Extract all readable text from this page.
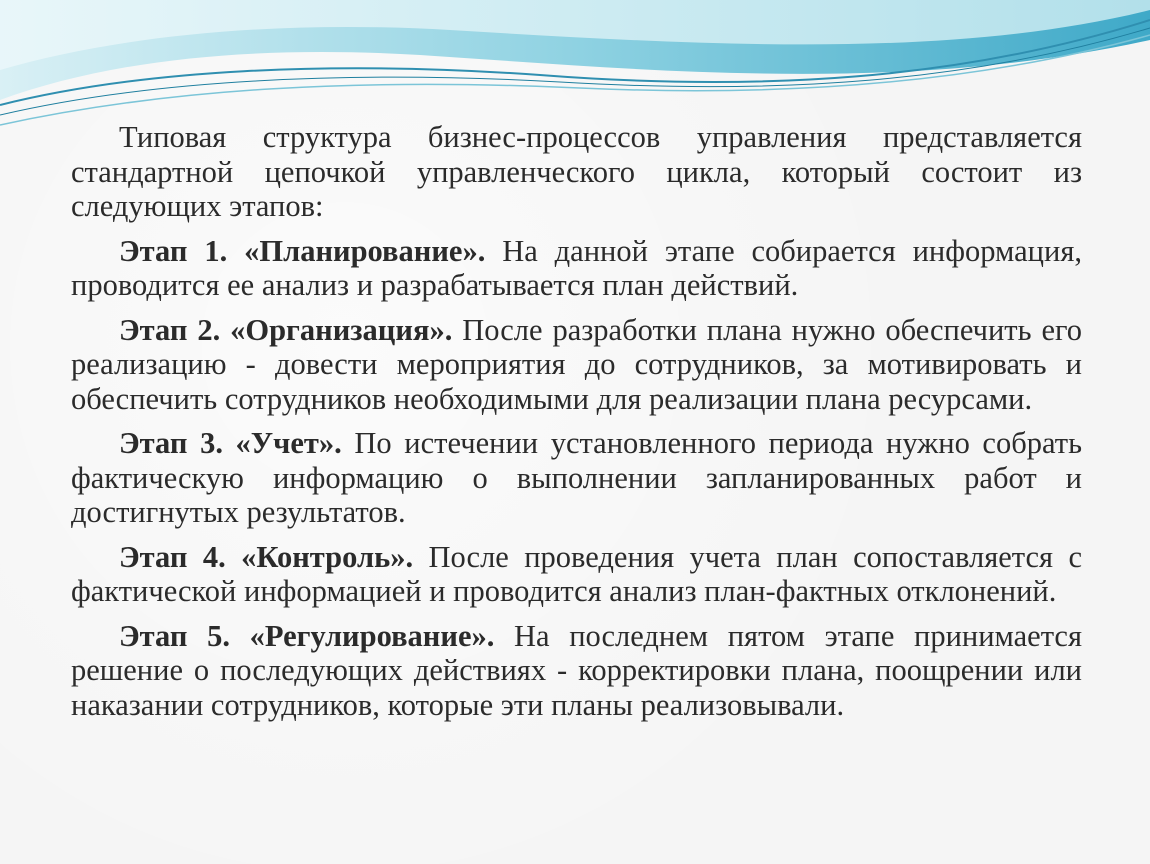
Типовая структура бизнес-процессов управления представляется стандартной цепочкой управленческого цикла, который состоит из следующих этапов:

Этап 1. «Планирование». На данной этапе собирается информация, проводится ее анализ и разрабатывается план действий.

Этап 2. «Организация». После разработки плана нужно обеспечить его реализацию - довести мероприятия до сотрудников, за мотивировать и обеспечить сотрудников необходимыми для реализации плана ресурсами.

Этап 3. «Учет». По истечении установленного периода нужно собрать фактическую информацию о выполнении запланированных работ и достигнутых результатов.

Этап 4. «Контроль». После проведения учета план сопоставляется с фактической информацией и проводится анализ план-фактных отклонений.

Этап 5. «Регулирование». На последнем пятом этапе принимается решение о последующих действиях - корректировки плана, поощрении или наказании сотрудников, которые эти планы реализовывали.
